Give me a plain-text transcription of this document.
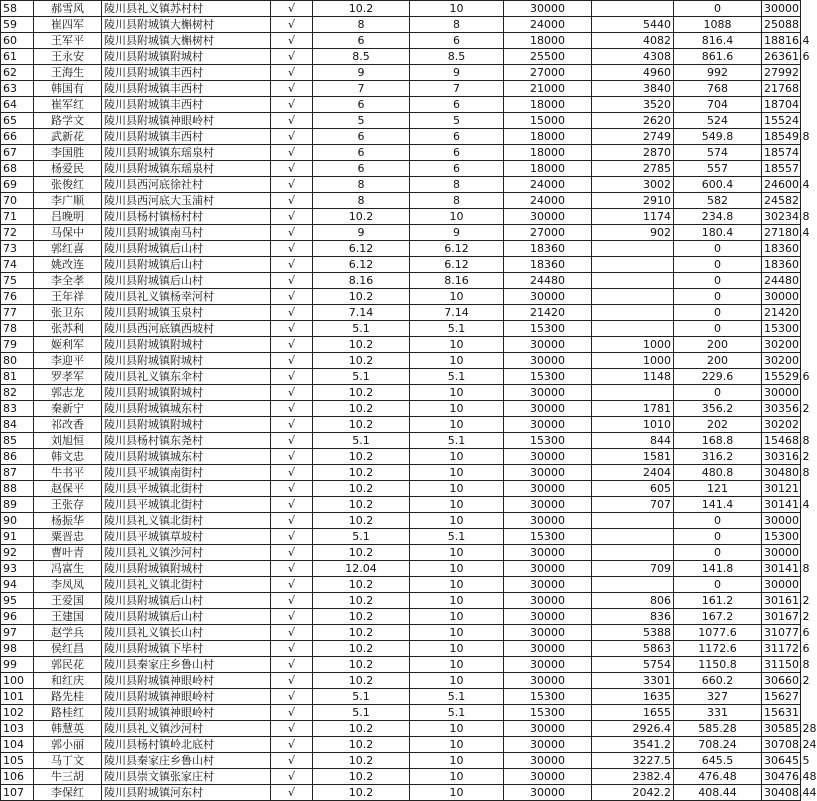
58	郝雪风	陵川县礼义镇苏村村	√	10.2	10	30000		0	30000
59	崔四军	陵川县附城镇大槲树村	√	8	8	24000	5440	1088	25088
60	王军平	陵川县附城镇大槲树村	√	6	6	18000	4082	816.4	18816.4
61	王永安	陵川县附城镇附城村	√	8.5	8.5	25500	4308	861.6	26361.6
62	王海生	陵川县附城镇丰西村	√	9	9	27000	4960	992	27992
63	韩国有	陵川县附城镇丰西村	√	7	7	21000	3840	768	21768
64	崔军红	陵川县附城镇丰西村	√	6	6	18000	3520	704	18704
65	路学文	陵川县附城镇神眼岭村	√	5	5	15000	2620	524	15524
66	武新花	陵川县附城镇丰西村	√	6	6	18000	2749	549.8	18549.8
67	李国胜	陵川县附城镇东瑶泉村	√	6	6	18000	2870	574	18574
68	杨爱民	陵川县附城镇东瑶泉村	√	6	6	18000	2785	557	18557
69	张俊红	陵川县西河底徐社村	√	8	8	24000	3002	600.4	24600.4
70	李广顺	陵川县西河底大玉浦村	√	8	8	24000	2910	582	24582
71	吕晚明	陵川县杨村镇杨村村	√	10.2	10	30000	1174	234.8	30234.8
72	马保中	陵川县附城镇南马村	√	9	9	27000	902	180.4	27180.4
73	郭红喜	陵川县附城镇后山村	√	6.12	6.12	18360		0	18360
74	姚改连	陵川县附城镇后山村	√	6.12	6.12	18360		0	18360
75	李全孝	陵川县附城镇后山村	√	8.16	8.16	24480		0	24480
76	王年祥	陵川县礼义镇杨幸河村	√	10.2	10	30000		0	30000
77	张卫东	陵川县附城镇玉泉村	√	7.14	7.14	21420		0	21420
78	张苏利	陵川县西河底镇西坡村	√	5.1	5.1	15300		0	15300
79	姬利军	陵川县附城镇附城村	√	10.2	10	30000	1000	200	30200
80	李迎平	陵川县附城镇附城村	√	10.2	10	30000	1000	200	30200
81	罗孝军	陵川县礼义镇东伞村	√	5.1	5.1	15300	1148	229.6	15529.6
82	郭志龙	陵川县附城镇附城村	√	10.2	10	30000		0	30000
83	秦新宁	陵川县附城镇城东村	√	10.2	10	30000	1781	356.2	30356.2
84	祁改香	陵川县附城镇附城村	√	10.2	10	30000	1010	202	30202
85	刘旭恒	陵川县杨村镇东尧村	√	5.1	5.1	15300	844	168.8	15468.8
86	韩文忠	陵川县附城镇城东村	√	10.2	10	30000	1581	316.2	30316.2
87	牛书平	陵川县平城镇南街村	√	10.2	10	30000	2404	480.8	30480.8
88	赵保平	陵川县平城镇北街村	√	10.2	10	30000	605	121	30121
89	王张存	陵川县平城镇北街村	√	10.2	10	30000	707	141.4	30141.4
90	杨振华	陵川县礼义镇北街村	√	10.2	10	30000		0	30000
91	粟晋忠	陵川县平城镇草坡村	√	5.1	5.1	15300		0	15300
92	曹叶青	陵川县礼义镇沙河村	√	10.2	10	30000		0	30000
93	冯富生	陵川县附城镇附城村	√	12.04	10	30000	709	141.8	30141.8
94	李凤凤	陵川县礼义镇北街村	√	10.2	10	30000		0	30000
95	王爱国	陵川县附城镇后山村	√	10.2	10	30000	806	161.2	30161.2
96	王建国	陵川县附城镇后山村	√	10.2	10	30000	836	167.2	30167.2
97	赵学兵	陵川县礼义镇长山村	√	10.2	10	30000	5388	1077.6	31077.6
98	侯红昌	陵川县附城镇下毕村	√	10.2	10	30000	5863	1172.6	31172.6
99	郭民花	陵川县秦家庄乡鲁山村	√	10.2	10	30000	5754	1150.8	31150.8
100	和红庆	陵川县附城镇神眼岭村	√	10.2	10	30000	3301	660.2	30660.2
101	路先桂	陵川县附城镇神眼岭村	√	5.1	5.1	15300	1635	327	15627
102	路桂红	陵川县附城镇神眼岭村	√	5.1	5.1	15300	1655	331	15631
103	韩慧英	陵川县礼义镇沙河村	√	10.2	10	30000	2926.4	585.28	30585.28
104	郭小丽	陵川县杨村镇岭北底村	√	10.2	10	30000	3541.2	708.24	30708.24
105	马丁文	陵川县秦家庄乡鲁山村	√	10.2	10	30000	3227.5	645.5	30645.5
106	牛三胡	陵川县崇文镇张家庄村	√	10.2	10	30000	2382.4	476.48	30476.48
107	李保红	陵川县附城镇河东村	√	10.2	10	30000	2042.2	408.44	30408.44
